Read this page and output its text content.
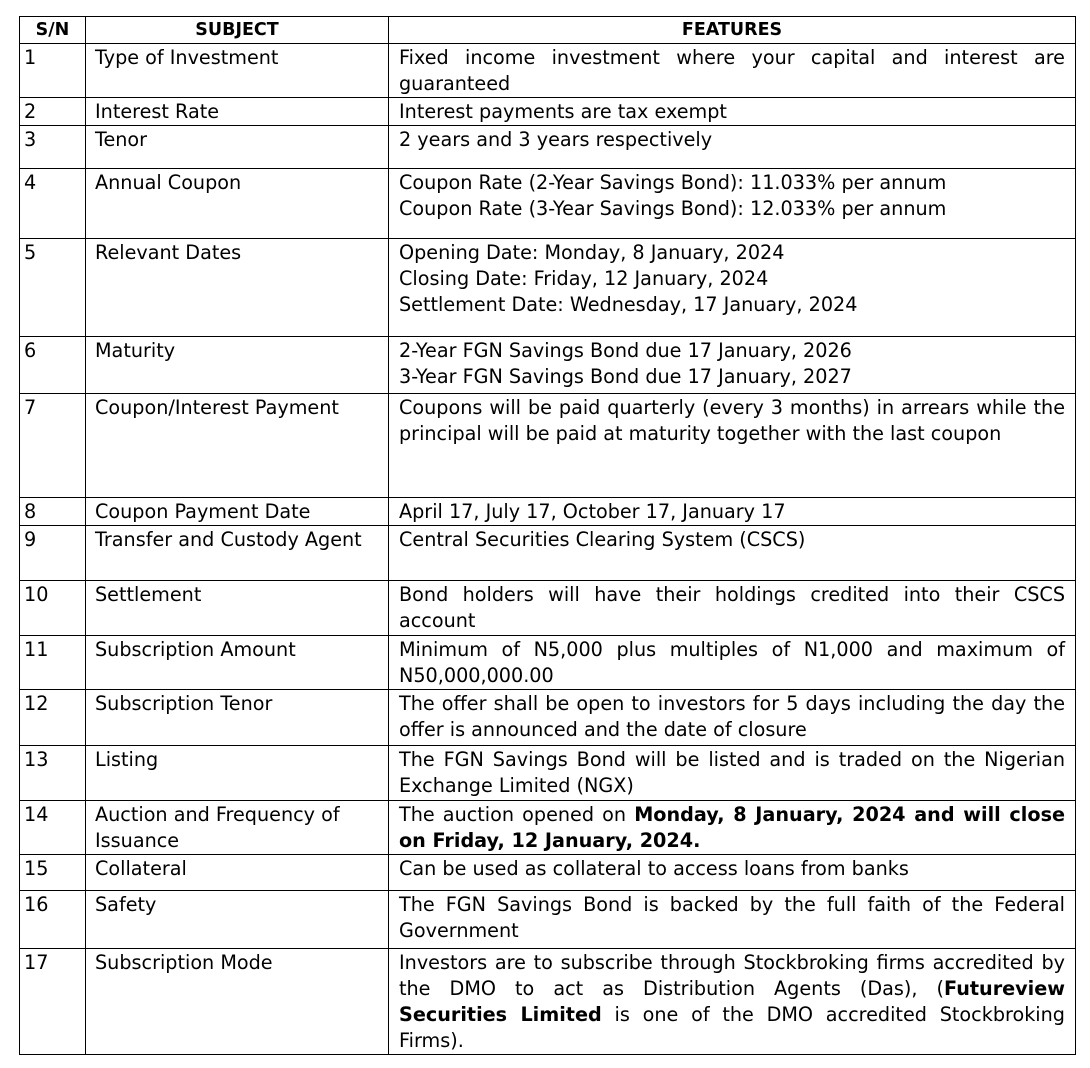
S/N	SUBJECT	FEATURES
1	Type of Investment	Fixed income investment where your capital and interest are guaranteed
2	Interest Rate	Interest payments are tax exempt
3	Tenor	2 years and 3 years respectively
4	Annual Coupon	Coupon Rate (2-Year Savings Bond): 11.033% per annum
Coupon Rate (3-Year Savings Bond): 12.033% per annum

5	Relevant Dates	Opening Date: Monday, 8 January, 2024
Closing Date: Friday, 12 January, 2024
Settlement Date: Wednesday, 17 January, 2024

6	Maturity	2-Year FGN Savings Bond due 17 January, 2026
3-Year FGN Savings Bond due 17 January, 2027

7	Coupon/Interest Payment	Coupons will be paid quarterly (every 3 months) in arrears while the principal will be paid at maturity together with the last coupon
8	Coupon Payment Date	April 17, July 17, October 17, January 17
9	Transfer and Custody Agent	Central Securities Clearing System (CSCS)
10	Settlement	Bond holders will have their holdings credited into their CSCS account
11	Subscription Amount	Minimum of N5,000 plus multiples of N1,000 and maximum of N50,000,000.00
12	Subscription Tenor	The offer shall be open to investors for 5 days including the day the offer is announced and the date of closure
13	Listing	The FGN Savings Bond will be listed and is traded on the Nigerian Exchange Limited (NGX)
14	Auction and Frequency of Issuance	The auction opened on Monday, 8 January, 2024 and will close on Friday, 12 January, 2024.
15	Collateral	Can be used as collateral to access loans from banks
16	Safety	The FGN Savings Bond is backed by the full faith of the Federal Government
17	Subscription Mode	Investors are to subscribe through Stockbroking firms accredited by the DMO to act as Distribution Agents (Das), (Futureview Securities Limited is one of the DMO accredited Stockbroking Firms).
